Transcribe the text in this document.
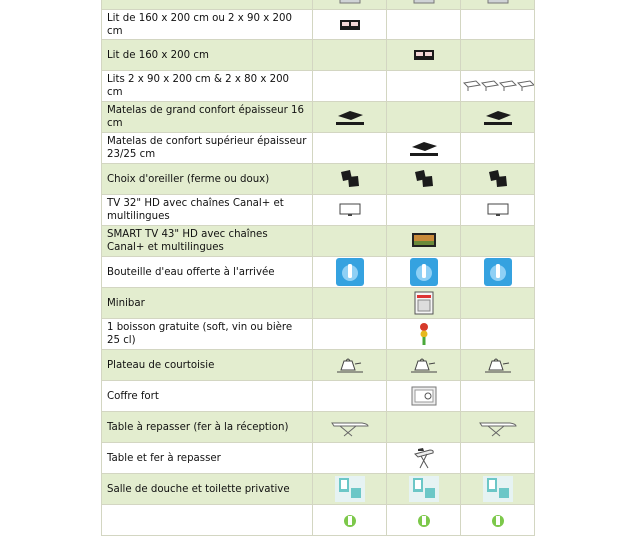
Lit de 160 x 200 cm ou 2 x 90 x 200 cm
Lit de 160 x 200 cm
Lits 2 x 90 x 200 cm & 2 x 80 x 200 cm
Matelas de grand confort épaisseur 16 cm
Matelas de confort supérieur épaisseur 23/25 cm
Choix d'oreiller (ferme ou doux)
TV 32" HD avec chaînes Canal+ et multilingues
SMART TV 43" HD avec chaînes Canal+ et multilingues
Bouteille d'eau offerte à l'arrivée
Minibar
1 boisson gratuite (soft, vin ou bière 25 cl)
Plateau de courtoisie
Coffre fort
Table à repasser (fer à la réception)
Table et fer à repasser
Salle de douche et toilette privative
